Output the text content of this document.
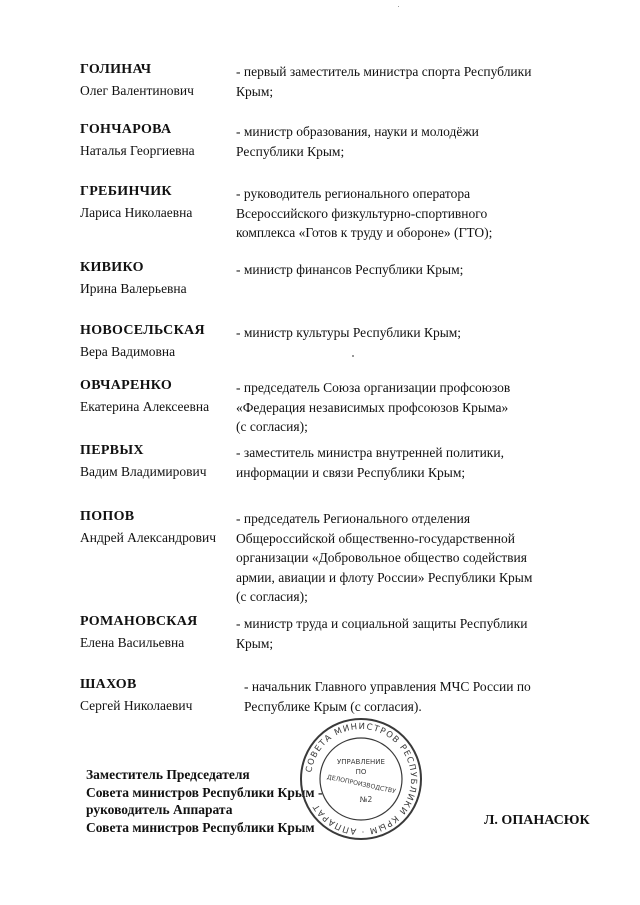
ГОЛИНАЧ
Олег Валентинович
- первый заместитель министра спорта Республики
Крым;
ГОНЧАРОВА
Наталья Георгиевна
- министр образования, науки и молодёжи
Республики Крым;
ГРЕБИНЧИК
Лариса Николаевна
- руководитель регионального оператора
Всероссийского физкультурно-спортивного
комплекса «Готов к труду и обороне» (ГТО);
КИВИКО
Ирина Валерьевна
- министр финансов Республики Крым;
НОВОСЕЛЬСКАЯ
Вера Вадимовна
- министр культуры Республики Крым;
ОВЧАРЕНКО
Екатерина Алексеевна
- председатель Союза организации профсоюзов
«Федерация независимых профсоюзов Крыма»
(с согласия);
ПЕРВЫХ
Вадим Владимирович
- заместитель министра внутренней политики,
информации и связи Республики Крым;
ПОПОВ
Андрей Александрович
- председатель Регионального отделения
Общероссийской общественно-государственной
организации «Добровольное общество содействия
армии, авиации и флоту России» Республики Крым
(с согласия);
РОМАНОВСКАЯ
Елена Васильевна
- министр труда и социальной защиты Республики
Крым;
ШАХОВ
Сергей Николаевич
- начальник Главного управления МЧС России по
Республике Крым (с согласия).
Заместитель Председателя
Совета министров Республики Крым -
руководитель Аппарата
Совета министров Республики Крым	Л. ОПАНАСЮК
СОВЕТА МИНИСТРОВ РЕСПУБЛИКИ КРЫМ · АППАРАТ
УПРАВЛЕНИЕ
ПО
ДЕЛОПРОИЗВОДСТВУ
№2
